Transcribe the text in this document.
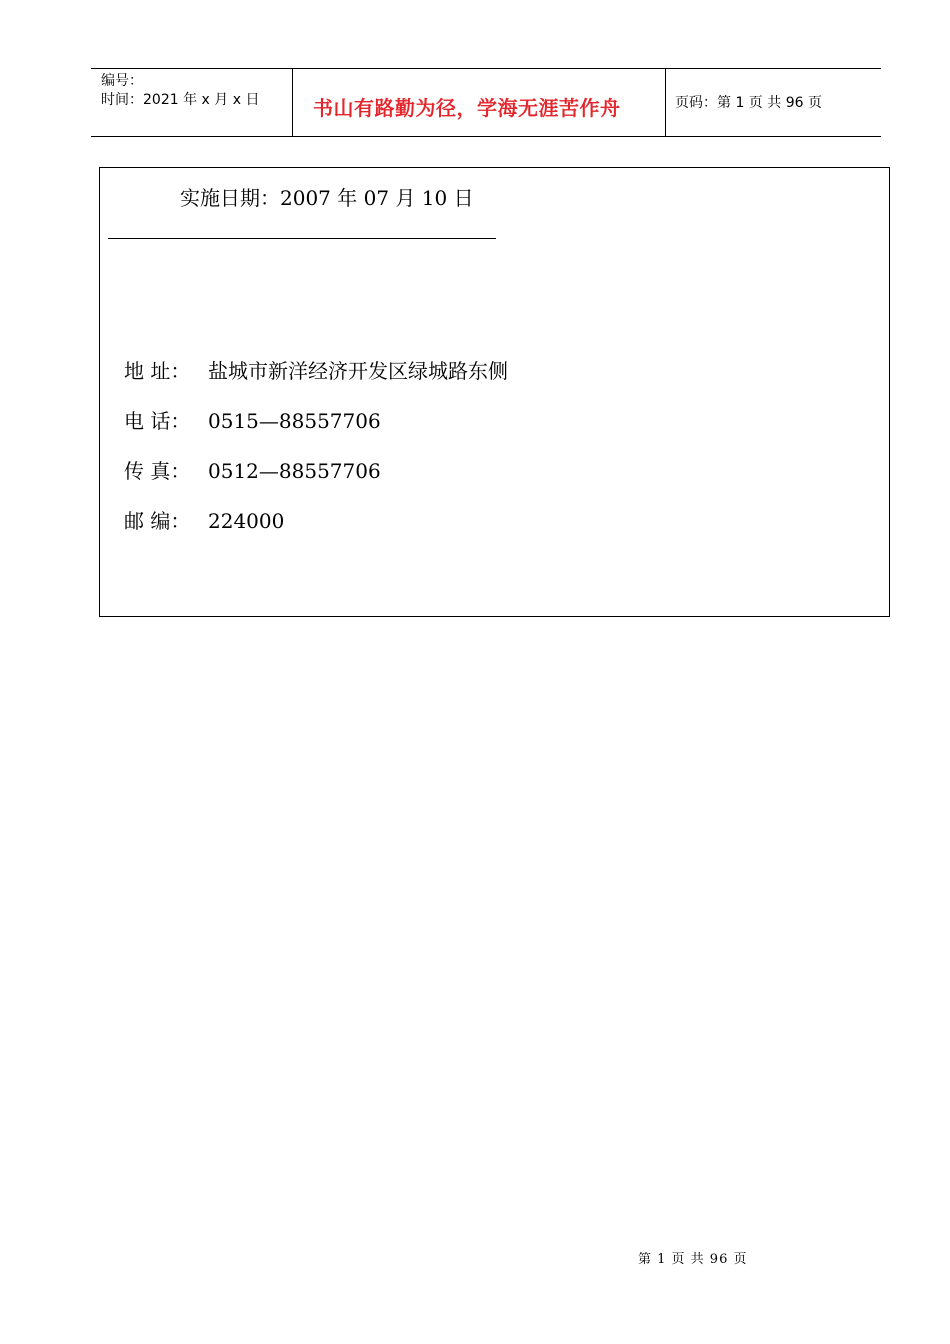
编号：
时间：2021 年 x 月 x 日	书山有路勤为径，学海无涯苦作舟	页码：第 1 页 共 96 页
实施日期：2007 年 07 月 10 日
地 址： 盐城市新洋经济开发区绿城路东侧
电 话： 0515—88557706
传 真： 0512—88557706
邮 编： 224000
第 1 页 共 96 页
